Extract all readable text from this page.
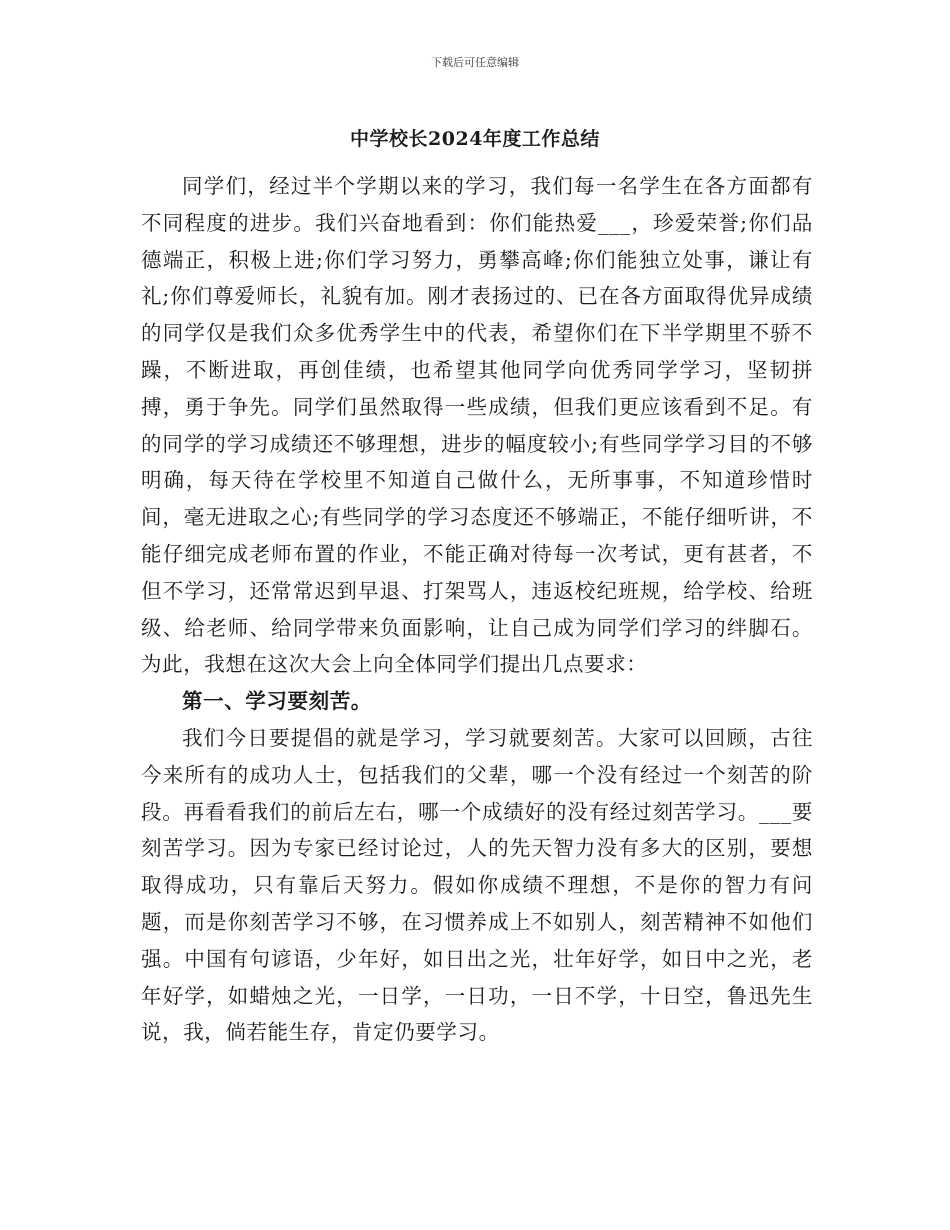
下载后可任意编辑
中学校长2024年度工作总结

同学们，经过半个学期以来的学习，我们每一名学生在各方面都有不同程度的进步。我们兴奋地看到：你们能热爱___，珍爱荣誉;你们品德端正，积极上进;你们学习努力，勇攀高峰;你们能独立处事，谦让有礼;你们尊爱师长，礼貌有加。刚才表扬过的、已在各方面取得优异成绩的同学仅是我们众多优秀学生中的代表，希望你们在下半学期里不骄不躁，不断进取，再创佳绩，也希望其他同学向优秀同学学习，坚韧拼搏，勇于争先。同学们虽然取得一些成绩，但我们更应该看到不足。有的同学的学习成绩还不够理想，进步的幅度较小;有些同学学习目的不够明确，每天待在学校里不知道自己做什么，无所事事，不知道珍惜时间，毫无进取之心;有些同学的学习态度还不够端正，不能仔细听讲，不能仔细完成老师布置的作业，不能正确对待每一次考试，更有甚者，不但不学习，还常常迟到早退、打架骂人，违返校纪班规，给学校、给班级、给老师、给同学带来负面影响，让自己成为同学们学习的绊脚石。为此，我想在这次大会上向全体同学们提出几点要求：

第一、学习要刻苦。

我们今日要提倡的就是学习，学习就要刻苦。大家可以回顾，古往今来所有的成功人士，包括我们的父辈，哪一个没有经过一个刻苦的阶段。再看看我们的前后左右，哪一个成绩好的没有经过刻苦学习。___要刻苦学习。因为专家已经讨论过，人的先天智力没有多大的区别，要想取得成功，只有靠后天努力。假如你成绩不理想，不是你的智力有问题，而是你刻苦学习不够，在习惯养成上不如别人，刻苦精神不如他们强。中国有句谚语，少年好，如日出之光，壮年好学，如日中之光，老年好学，如蜡烛之光，一日学，一日功，一日不学，十日空，鲁迅先生说，我，倘若能生存，肯定仍要学习。
